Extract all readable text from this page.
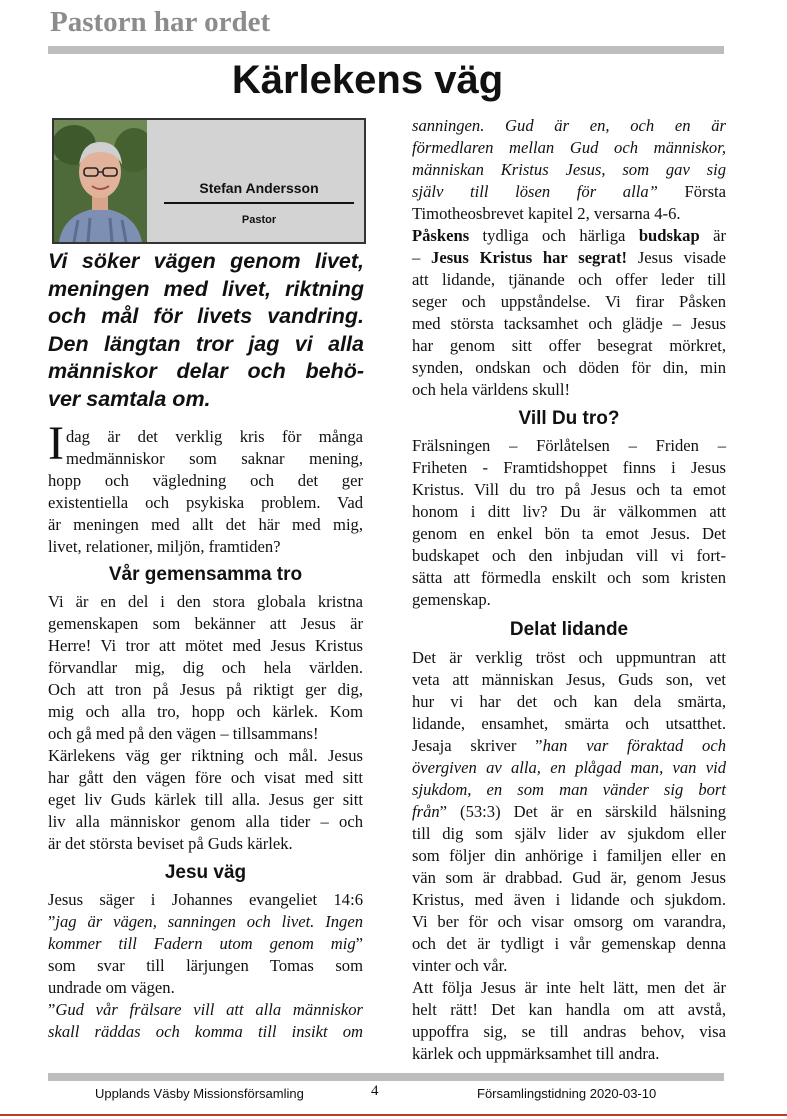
Pastorn har ordet
Kärlekens väg
Stefan Andersson
Pastor
Vi söker vägen genom livet,
meningen med livet, riktning
och mål för livets vandring.
Den längtan tror jag vi alla
människor delar och behö-
ver samtala om.
I dag är det verklig kris för många
medmänniskor som saknar mening,
hopp och vägledning och det ger
existentiella och psykiska problem. Vad
är meningen med allt det här med mig,
livet, relationer, miljön, framtiden?
Vår gemensamma tro
Vi är en del i den stora globala kristna
gemenskapen som bekänner att Jesus är
Herre! Vi tror att mötet med Jesus Kristus
förvandlar mig, dig och hela världen.
Och att tron på Jesus på riktigt ger dig,
mig och alla tro, hopp och kärlek. Kom
och gå med på den vägen – tillsammans!
Kärlekens väg ger riktning och mål. Jesus
har gått den vägen före och visat med sitt
eget liv Guds kärlek till alla. Jesus ger sitt
liv alla människor genom alla tider – och
är det största beviset på Guds kärlek.
Jesu väg
Jesus säger i Johannes evangeliet 14:6
”jag är vägen, sanningen och livet. Ingen
kommer till Fadern utom genom mig”
som svar till lärjungen Tomas som
undrade om vägen.
”Gud vår frälsare vill att alla människor
skall räddas och komma till insikt om
sanningen. Gud är en, och en är
förmedlaren mellan Gud och människor,
människan Kristus Jesus, som gav sig
själv till lösen för alla” Första
Timotheosbrevet kapitel 2, versarna 4-6.
Påskens tydliga och härliga budskap är
– Jesus Kristus har segrat! Jesus visade
att lidande, tjänande och offer leder till
seger och uppståndelse. Vi firar Påsken
med största tacksamhet och glädje – Jesus
har genom sitt offer besegrat mörkret,
synden, ondskan och döden för din, min
och hela världens skull!
Vill Du tro?
Frälsningen – Förlåtelsen – Friden –
Friheten - Framtidshoppet finns i Jesus
Kristus. Vill du tro på Jesus och ta emot
honom i ditt liv? Du är välkommen att
genom en enkel bön ta emot Jesus. Det
budskapet och den inbjudan vill vi fort-
sätta att förmedla enskilt och som kristen
gemenskap.
Delat lidande
Det är verklig tröst och uppmuntran att
veta att människan Jesus, Guds son, vet
hur vi har det och kan dela smärta,
lidande, ensamhet, smärta och utsatthet.
Jesaja skriver ”han var föraktad och
övergiven av alla, en plågad man, van vid
sjukdom, en som man vänder sig bort
från” (53:3) Det är en särskild hälsning
till dig som själv lider av sjukdom eller
som följer din anhörige i familjen eller en
vän som är drabbad. Gud är, genom Jesus
Kristus, med även i lidande och sjukdom.
Vi ber för och visar omsorg om varandra,
och det är tydligt i vår gemenskap denna
vinter och vår.
Att följa Jesus är inte helt lätt, men det är
helt rätt! Det kan handla om att avstå,
uppoffra sig, se till andras behov, visa
kärlek och uppmärksamhet till andra.
Upplands Väsby Missionsförsamling	4	Församlingstidning 2020-03-10
